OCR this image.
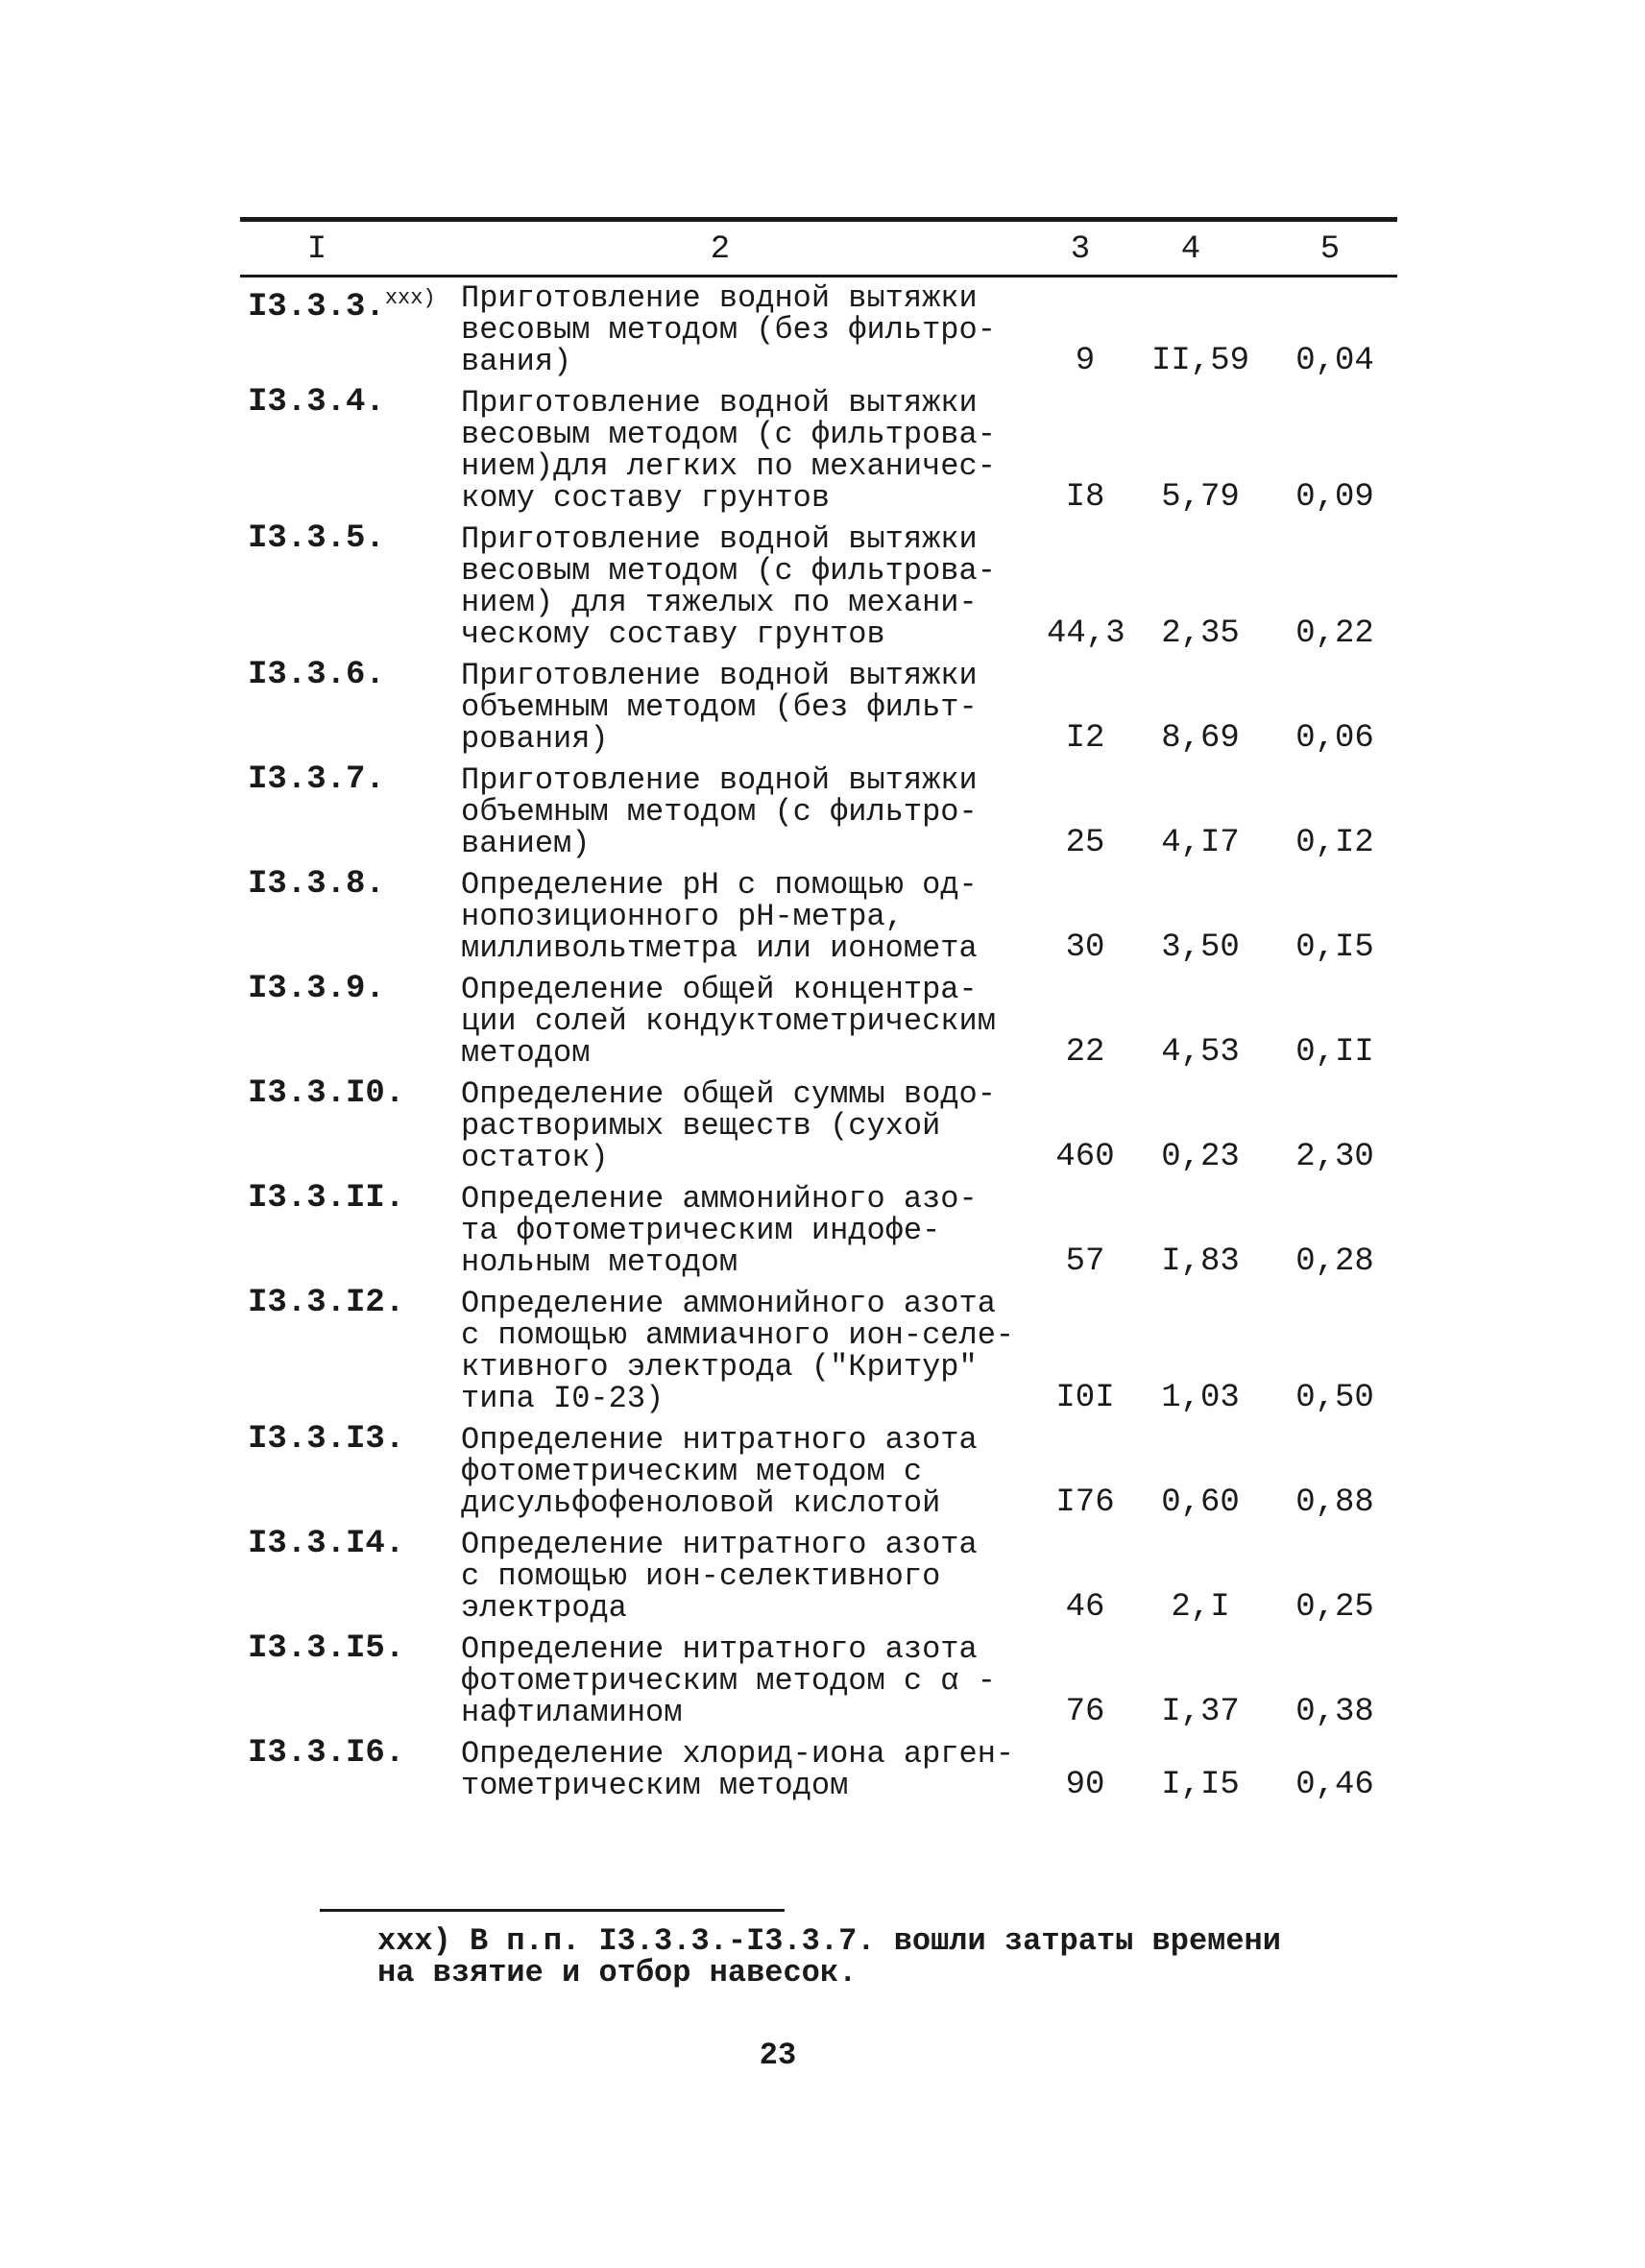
I	2	3	4	5
I3.3.3.$^{xxx)}$ Приготовление водной вытяжки
весовым методом (без фильтро-
вания)	9	II,59	0,04
I3.3.4. Приготовление водной вытяжки
весовым методом (с фильтрова-
нием)для легких по механичес-
кому составу грунтов	I8	5,79	0,09
I3.3.5. Приготовление водной вытяжки
весовым методом (с фильтрова-
нием) для тяжелых по механи-
ческому составу грунтов	44,3	2,35	0,22
I3.3.6. Приготовление водной вытяжки
объемным методом (без фильт-
рования)	I2	8,69	0,06
I3.3.7. Приготовление водной вытяжки
объемным методом (с фильтро-
ванием)	25	4,I7	0,I2
I3.3.8. Определение pH с помощью од-
нопозиционного pH-метра,
милливольтметра или иономета	30	3,50	0,I5
I3.3.9. Определение общей концентра-
ции солей кондуктометрическим
методом	22	4,53	0,II
I3.3.I0. Определение общей суммы водо-
растворимых веществ (сухой
остаток)	460	0,23	2,30
I3.3.II. Определение аммонийного азо-
та фотометрическим индофе-
нольным методом	57	I,83	0,28
I3.3.I2. Определение аммонийного азота
с помощью аммиачного ион-селе-
ктивного электрода ("Критур"
типа I0-23)	I0I	1,03	0,50
I3.3.I3. Определение нитратного азота
фотометрическим методом с
дисульфофеноловой кислотой	I76	0,60	0,88
I3.3.I4. Определение нитратного азота
с помощью ион-селективного
электрода	46	2,I	0,25
I3.3.I5. Определение нитратного азота
фотометрическим методом с α -
нафтиламином	76	I,37	0,38
I3.3.I6. Определение хлорид-иона арген-
тометрическим методом	90	I,I5	0,46
xxx) В п.п. I3.3.3.-I3.3.7. вошли затраты времени
на взятие и отбор навесок.
23
